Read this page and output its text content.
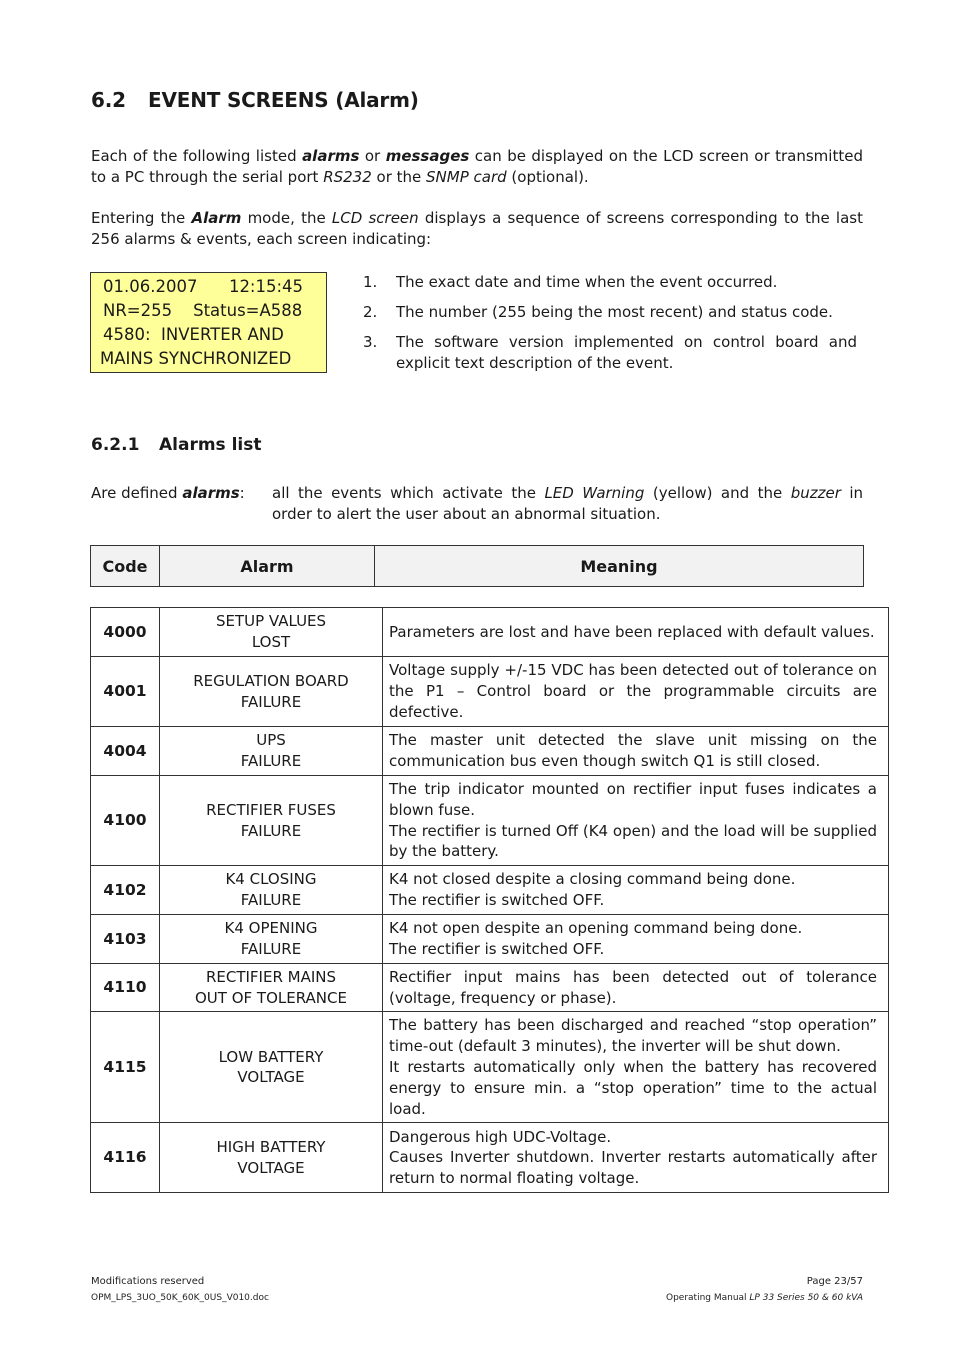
6.2 EVENT SCREENS (Alarm)

Each of the following listed alarms or messages can be displayed on the LCD screen or transmitted to a PC through the serial port RS232 or the SNMP card (optional).

Entering the Alarm mode, the LCD screen displays a sequence of screens corresponding to the last 256 alarms & events, each screen indicating:

01.06.2007      12:15:45
NR=255    Status=A588
4580:  INVERTER AND
MAINS SYNCHRONIZED
1. The exact date and time when the event occurred.
2. The number (255 being the most recent) and status code.
3. The software version implemented on control board and explicit text description of the event.
6.2.1 Alarms list
Are defined alarms: all the events which activate the LED Warning (yellow) and the buzzer in order to alert the user about an abnormal situation.
Code	Alarm	Meaning
4000	SETUP VALUES
LOST	Parameters are lost and have been replaced with default values.

4001	REGULATION BOARD
FAILURE	Voltage supply +/-15 VDC has been detected out of tolerance on the P1 – Control board or the programmable circuits are defective.

4004	UPS
FAILURE	The master unit detected the slave unit missing on the communication bus even though switch Q1 is still closed.

4100	RECTIFIER FUSES
FAILURE	The trip indicator mounted on rectifier input fuses indicates a blown fuse.
The rectifier is turned Off (K4 open) and the load will be supplied by the battery.

4102	K4 CLOSING
FAILURE	K4 not closed despite a closing command being done.
The rectifier is switched OFF.

4103	K4 OPENING
FAILURE	K4 not open despite an opening command being done.
The rectifier is switched OFF.

4110	RECTIFIER MAINS
OUT OF TOLERANCE	Rectifier input mains has been detected out of tolerance (voltage, frequency or phase).

4115	LOW BATTERY
VOLTAGE	The battery has been discharged and reached “stop operation” time-out (default 3 minutes), the inverter will be shut down.
It restarts automatically only when the battery has recovered energy to ensure min. a “stop operation” time to the actual load.

4116	HIGH BATTERY
VOLTAGE	Dangerous high UDC-Voltage.
Causes Inverter shutdown. Inverter restarts automatically after return to normal floating voltage.
Modifications reserved
OPM_LPS_3UO_50K_60K_0US_V010.doc
Page 23/57
Operating Manual LP 33 Series 50 & 60 kVA
